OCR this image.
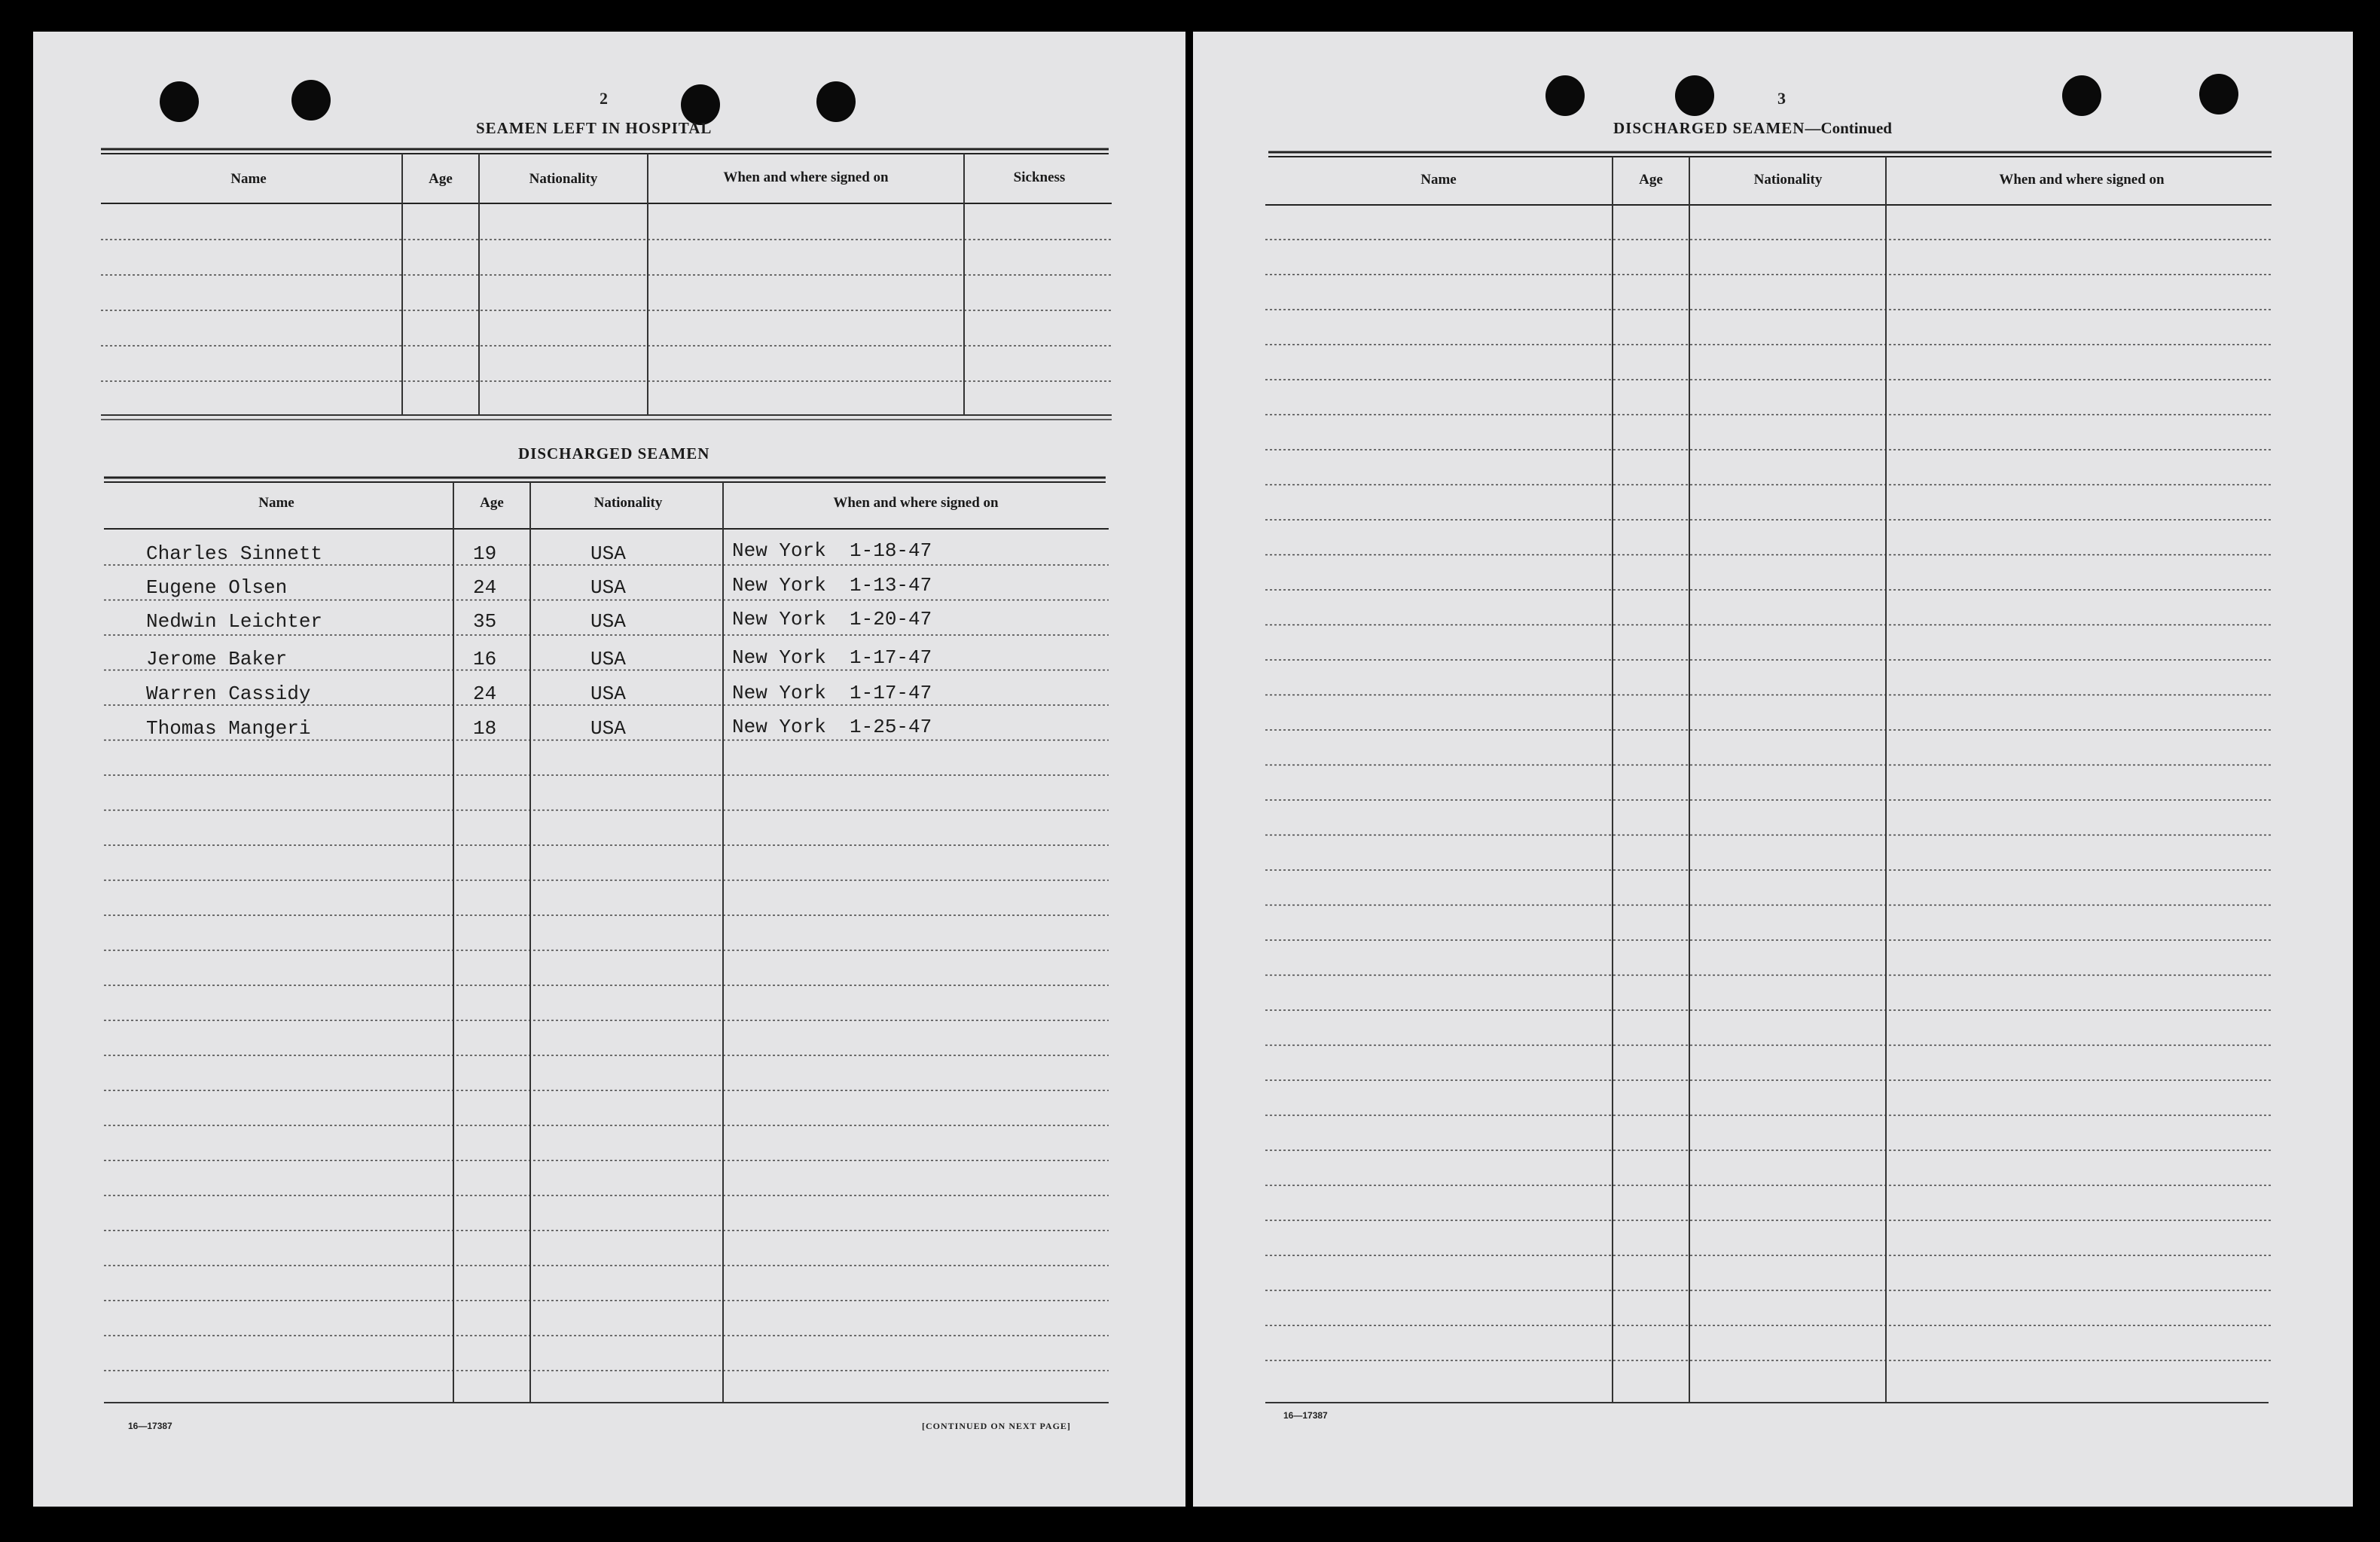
2
SEAMEN LEFT IN HOSPITAL
DISCHARGED SEAMEN
16—17387	[CONTINUED ON NEXT PAGE]
Name	Age	Nationality	When and where signed on	Sickness
Name	Age	Nationality	When and where signed on
Charles Sinnett	19	USA	New York  1-18-47
Eugene Olsen	24	USA	New York  1-13-47
Nedwin Leichter	35	USA	New York  1-20-47
Jerome Baker	16	USA	New York  1-17-47
Warren Cassidy	24	USA	New York  1-17-47
Thomas Mangeri	18	USA	New York  1-25-47
3
DISCHARGED SEAMEN—Continued
16—17387
Name	Age	Nationality	When and where signed on
